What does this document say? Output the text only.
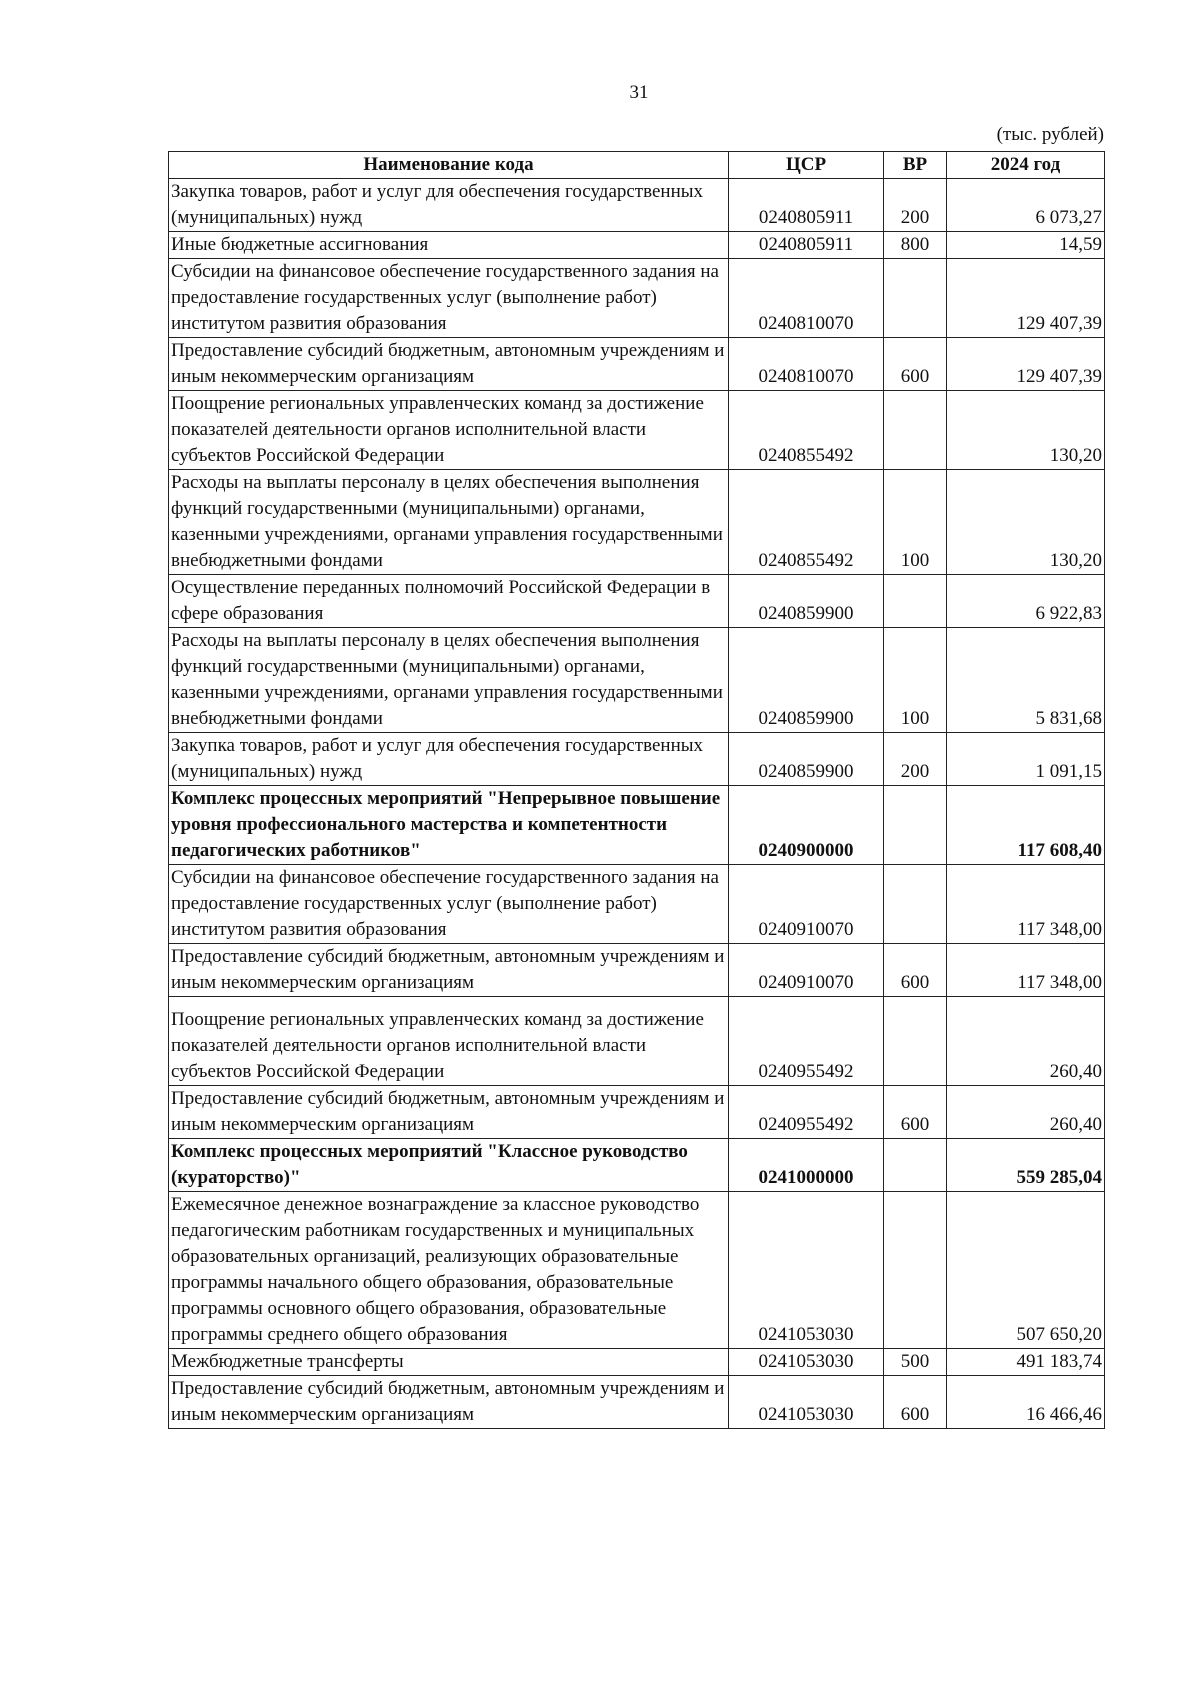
31
(тыс. рублей)
Наименование кода	ЦСР	ВР	2024 год
Закупка товаров, работ и услуг для обеспечения государственных (муниципальных) нужд	0240805911	200	6 073,27
Иные бюджетные ассигнования	0240805911	800	14,59
Субсидии на финансовое обеспечение государственного задания на предоставление государственных услуг (выполнение работ) институтом развития образования	0240810070		129 407,39
Предоставление субсидий бюджетным, автономным учреждениям и иным некоммерческим организациям	0240810070	600	129 407,39
Поощрение региональных управленческих команд за достижение показателей деятельности органов исполнительной власти субъектов Российской Федерации	0240855492		130,20
Расходы на выплаты персоналу в целях обеспечения выполнения функций государственными (муниципальными) органами, казенными учреждениями, органами управления государственными внебюджетными фондами	0240855492	100	130,20
Осуществление переданных полномочий Российской Федерации в сфере образования	0240859900		6 922,83
Расходы на выплаты персоналу в целях обеспечения выполнения функций государственными (муниципальными) органами, казенными учреждениями, органами управления государственными внебюджетными фондами	0240859900	100	5 831,68
Закупка товаров, работ и услуг для обеспечения государственных (муниципальных) нужд	0240859900	200	1 091,15
Комплекс процессных мероприятий "Непрерывное повышение уровня профессионального мастерства и компетентности педагогических работников"	0240900000		117 608,40
Субсидии на финансовое обеспечение государственного задания на предоставление государственных услуг (выполнение работ) институтом развития образования	0240910070		117 348,00
Предоставление субсидий бюджетным, автономным учреждениям и иным некоммерческим организациям	0240910070	600	117 348,00
Поощрение региональных управленческих команд за достижение показателей деятельности органов исполнительной власти субъектов Российской Федерации	0240955492		260,40
Предоставление субсидий бюджетным, автономным учреждениям и иным некоммерческим организациям	0240955492	600	260,40
Комплекс процессных мероприятий "Классное руководство (кураторство)"	0241000000		559 285,04
Ежемесячное денежное вознаграждение за классное руководство педагогическим работникам государственных и муниципальных образовательных организаций, реализующих образовательные программы начального общего образования, образовательные программы основного общего образования, образовательные программы среднего общего образования	0241053030		507 650,20
Межбюджетные трансферты	0241053030	500	491 183,74
Предоставление субсидий бюджетным, автономным учреждениям и иным некоммерческим организациям	0241053030	600	16 466,46
